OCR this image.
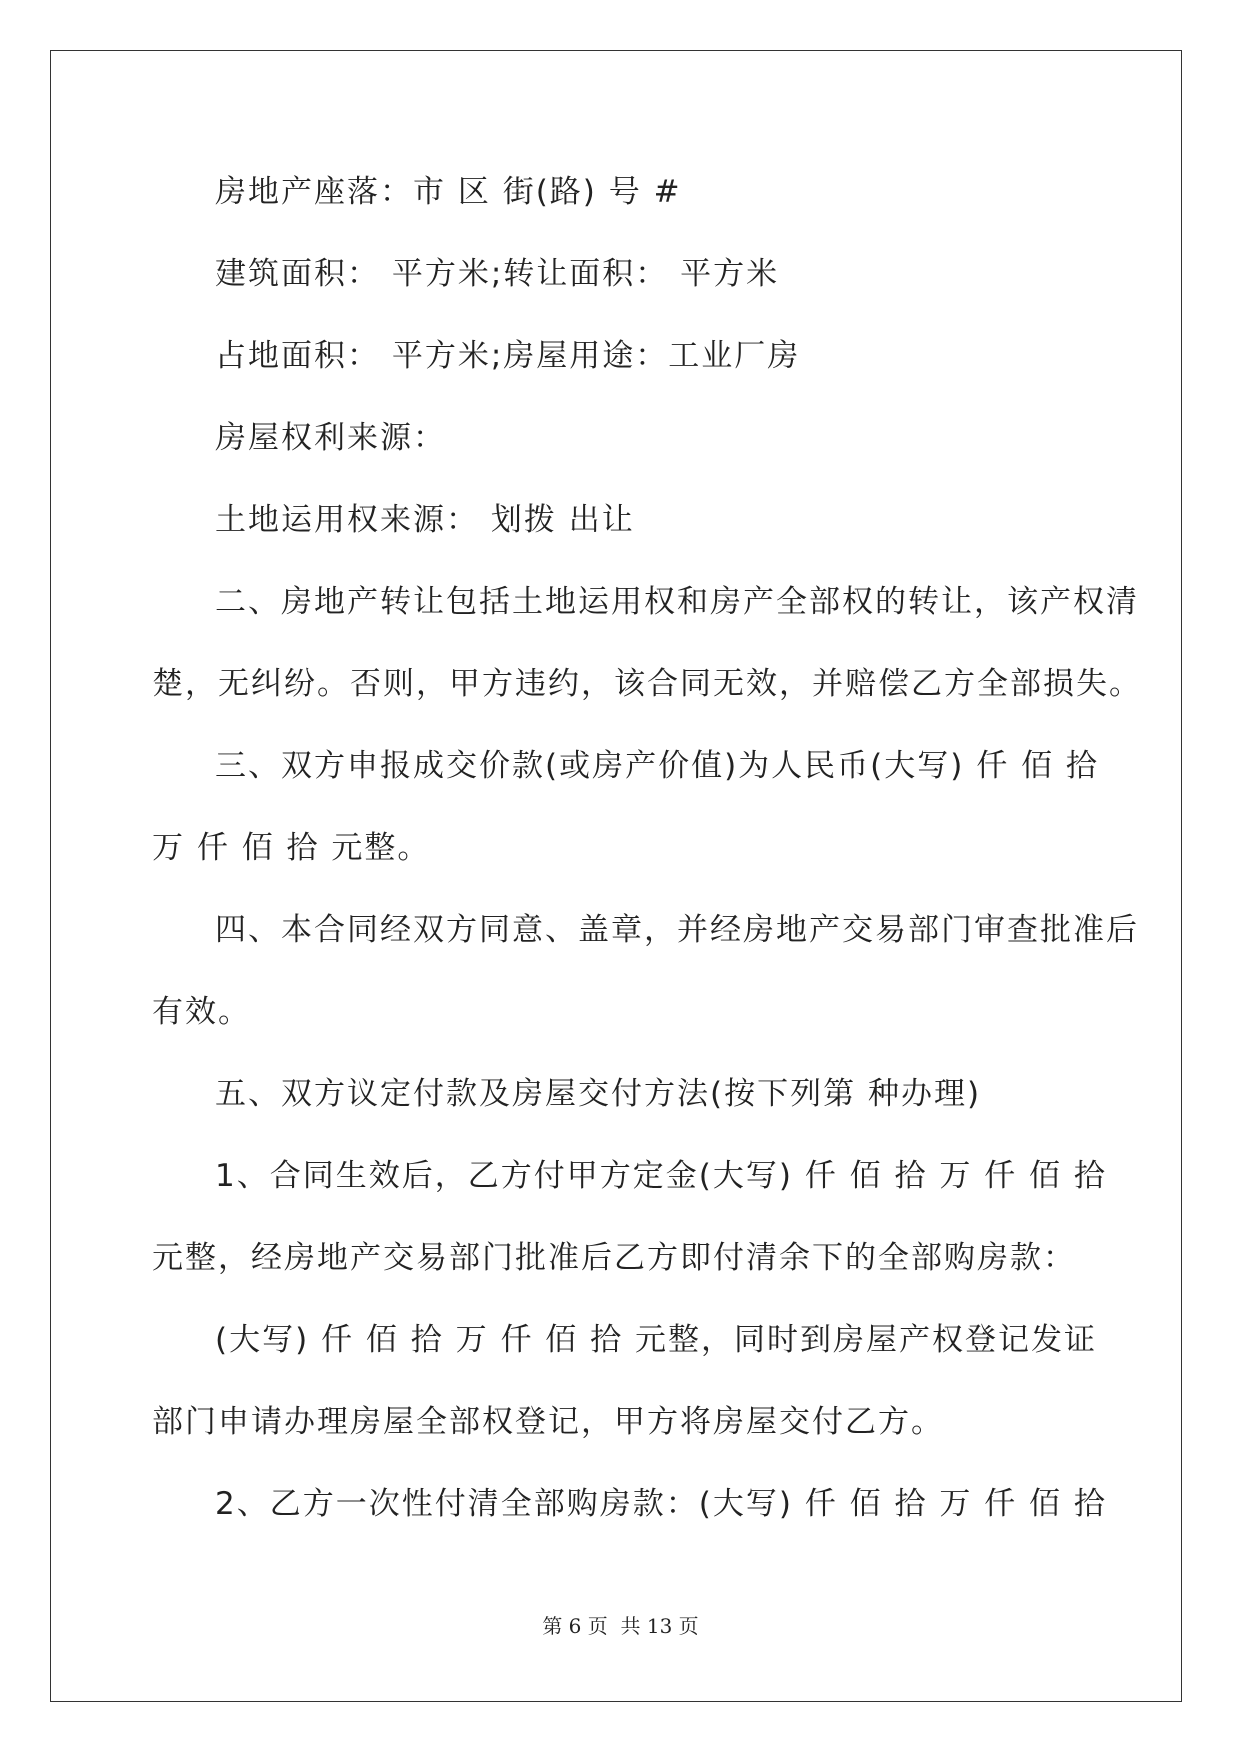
房地产座落：市 区 街(路) 号 #
建筑面积： 平方米;转让面积： 平方米
占地面积： 平方米;房屋用途：工业厂房
房屋权利来源：
土地运用权来源： 划拨 出让
二、房地产转让包括土地运用权和房产全部权的转让，该产权清
楚，无纠纷。否则，甲方违约，该合同无效，并赔偿乙方全部损失。
三、双方申报成交价款(或房产价值)为人民币(大写) 仟 佰 拾
万 仟 佰 拾 元整。
四、本合同经双方同意、盖章，并经房地产交易部门审查批准后
有效。
五、双方议定付款及房屋交付方法(按下列第 种办理)
1、合同生效后，乙方付甲方定金(大写) 仟 佰 拾 万 仟 佰 拾
元整，经房地产交易部门批准后乙方即付清余下的全部购房款：
(大写) 仟 佰 拾 万 仟 佰 拾 元整，同时到房屋产权登记发证
部门申请办理房屋全部权登记，甲方将房屋交付乙方。
2、乙方一次性付清全部购房款：(大写) 仟 佰 拾 万 仟 佰 拾
第 6 页  共 13 页
